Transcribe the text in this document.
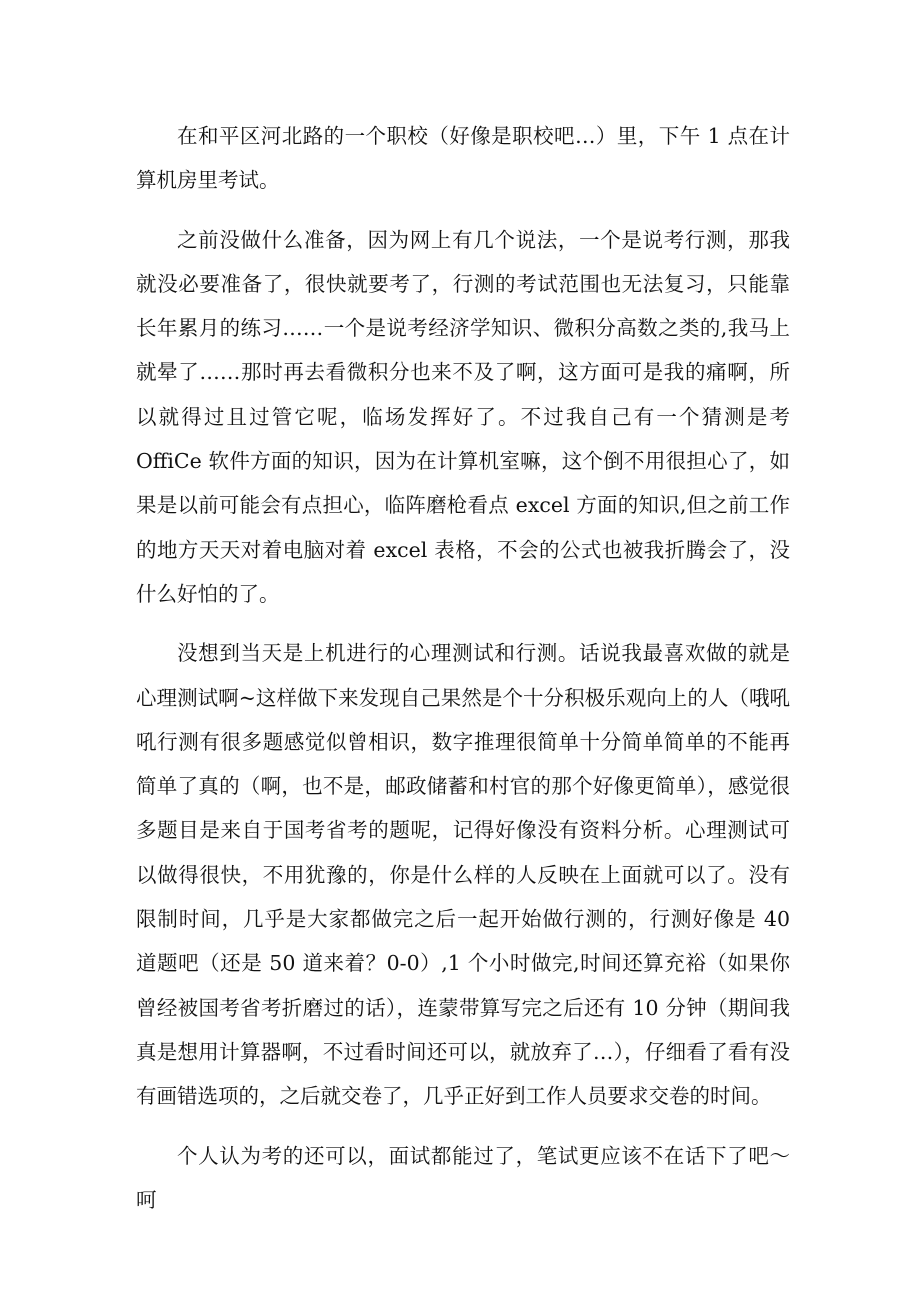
在和平区河北路的一个职校（好像是职校吧…）里，下午 1 点在计算机房里考试。

之前没做什么准备，因为网上有几个说法，一个是说考行测，那我就没必要准备了，很快就要考了，行测的考试范围也无法复习，只能靠长年累月的练习……一个是说考经济学知识、微积分高数之类的,我马上就晕了……那时再去看微积分也来不及了啊，这方面可是我的痛啊，所以就得过且过管它呢，临场发挥好了。不过我自己有一个猜测是考 OffiCe 软件方面的知识，因为在计算机室嘛，这个倒不用很担心了，如果是以前可能会有点担心，临阵磨枪看点 excel 方面的知识,但之前工作的地方天天对着电脑对着 excel 表格，不会的公式也被我折腾会了，没什么好怕的了。

没想到当天是上机进行的心理测试和行测。话说我最喜欢做的就是心理测试啊~这样做下来发现自己果然是个十分积极乐观向上的人（哦吼吼行测有很多题感觉似曾相识，数字推理很简单十分简单简单的不能再简单了真的（啊，也不是，邮政储蓄和村官的那个好像更简单），感觉很多题目是来自于国考省考的题呢，记得好像没有资料分析。心理测试可以做得很快，不用犹豫的，你是什么样的人反映在上面就可以了。没有限制时间，几乎是大家都做完之后一起开始做行测的，行测好像是 40 道题吧（还是 50 道来着？0-0）,1 个小时做完,时间还算充裕（如果你曾经被国考省考折磨过的话），连蒙带算写完之后还有 10 分钟（期间我真是想用计算器啊，不过看时间还可以，就放弃了…），仔细看了看有没有画错选项的，之后就交卷了，几乎正好到工作人员要求交卷的时间。

个人认为考的还可以，面试都能过了，笔试更应该不在话下了吧～呵
